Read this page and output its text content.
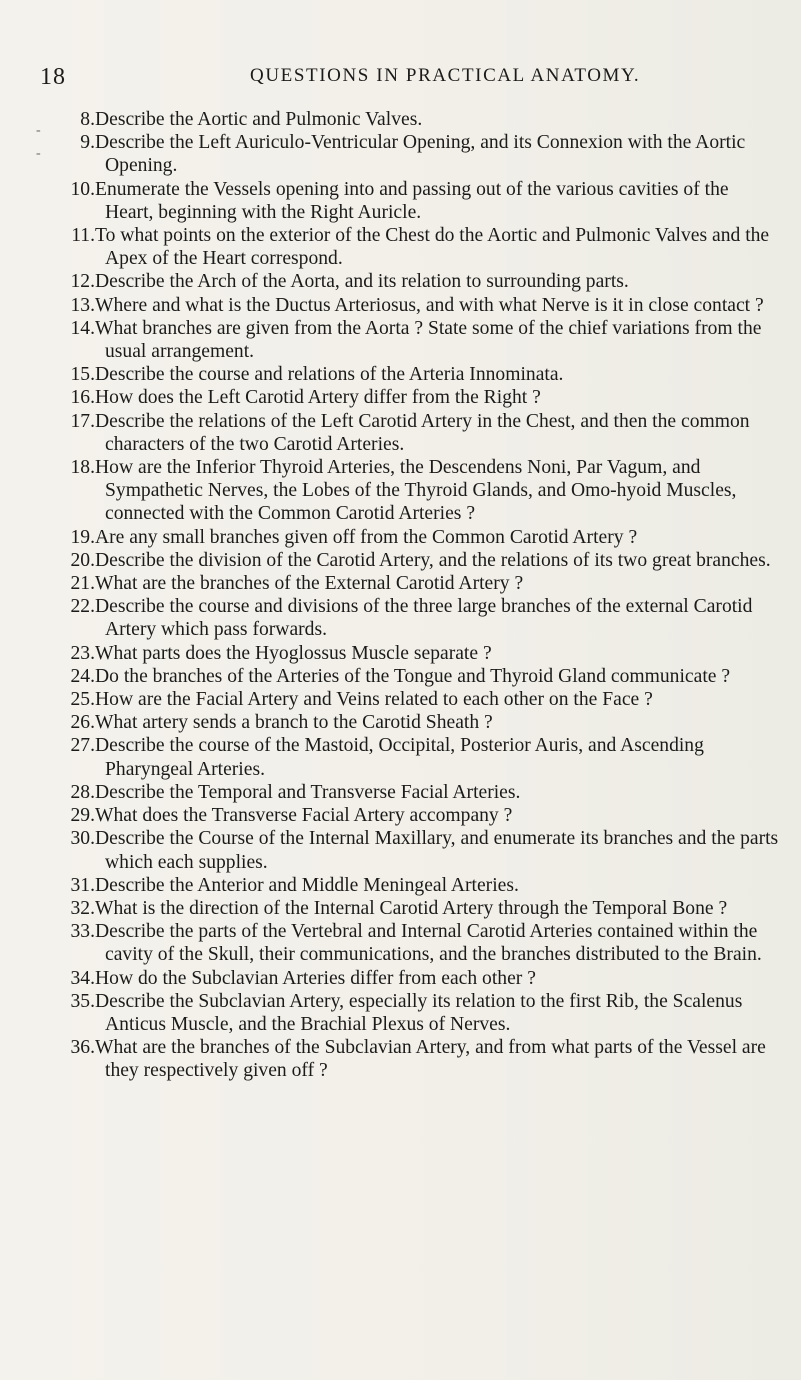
18	QUESTIONS IN PRACTICAL ANATOMY.
-
8. Describe the Aortic and Pulmonic Valves.
-
9. Describe the Left Auriculo-Ventricular Opening, and its Connexion with the Aortic Opening.
10. Enumerate the Vessels opening into and passing out of the various cavities of the Heart, beginning with the Right Auricle.
11. To what points on the exterior of the Chest do the Aortic and Pulmonic Valves and the Apex of the Heart correspond.
12. Describe the Arch of the Aorta, and its relation to surrounding parts.
13. Where and what is the Ductus Arteriosus, and with what Nerve is it in close contact ?
14. What branches are given from the Aorta ? State some of the chief variations from the usual arrangement.
15. Describe the course and relations of the Arteria Innominata.
16. How does the Left Carotid Artery differ from the Right ?
17. Describe the relations of the Left Carotid Artery in the Chest, and then the common characters of the two Carotid Arteries.
18. How are the Inferior Thyroid Arteries, the Descendens Noni, Par Vagum, and Sympathetic Nerves, the Lobes of the Thyroid Glands, and Omo-hyoid Muscles, connected with the Common Carotid Arteries ?
19. Are any small branches given off from the Common Carotid Artery ?
20. Describe the division of the Carotid Artery, and the relations of its two great branches.
21. What are the branches of the External Carotid Artery ?
22. Describe the course and divisions of the three large branches of the external Carotid Artery which pass forwards.
23. What parts does the Hyoglossus Muscle separate ?
24. Do the branches of the Arteries of the Tongue and Thyroid Gland communicate ?
25. How are the Facial Artery and Veins related to each other on the Face ?
26. What artery sends a branch to the Carotid Sheath ?
27. Describe the course of the Mastoid, Occipital, Posterior Auris, and Ascending Pharyngeal Arteries.
28. Describe the Temporal and Transverse Facial Arteries.
29. What does the Transverse Facial Artery accompany ?
30. Describe the Course of the Internal Maxillary, and enumerate its branches and the parts which each supplies.
31. Describe the Anterior and Middle Meningeal Arteries.
32. What is the direction of the Internal Carotid Artery through the Temporal Bone ?
33. Describe the parts of the Vertebral and Internal Carotid Arteries contained within the cavity of the Skull, their communications, and the branches distributed to the Brain.
34. How do the Subclavian Arteries differ from each other ?
35. Describe the Subclavian Artery, especially its relation to the first Rib, the Scalenus Anticus Muscle, and the Brachial Plexus of Nerves.
36. What are the branches of the Subclavian Artery, and from what parts of the Vessel are they respectively given off ?
